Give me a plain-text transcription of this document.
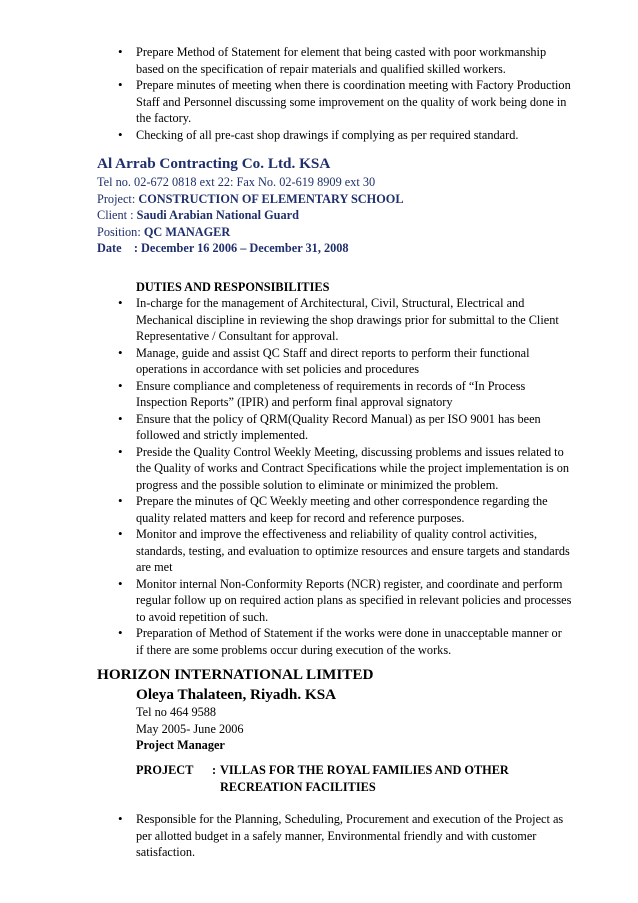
• Prepare Method of Statement for element that being casted with poor workmanship based on the specification of repair materials and qualified skilled workers.
• Prepare minutes of meeting when there is coordination meeting with Factory Production Staff and Personnel discussing some improvement on the quality of work being done in the factory.
• Checking of all pre-cast shop drawings if complying as per required standard.
Al Arrab Contracting Co. Ltd. KSA
Tel no. 02-672 0818 ext 22: Fax No. 02-619 8909 ext 30
Project: CONSTRUCTION OF ELEMENTARY SCHOOL
Client : Saudi Arabian National Guard
Position: QC MANAGER
Date    : December 16 2006 – December 31, 2008
DUTIES AND RESPONSIBILITIES
• In-charge for the management of Architectural, Civil, Structural, Electrical and Mechanical discipline in reviewing the shop drawings prior for submittal to the Client Representative / Consultant for approval.
• Manage, guide and assist QC Staff and direct reports to perform their functional operations in accordance with set policies and procedures
• Ensure compliance and completeness of requirements in records of “In Process Inspection Reports” (IPIR) and perform final approval signatory
• Ensure that the policy of QRM(Quality Record Manual) as per ISO 9001 has been followed and strictly implemented.
• Preside the Quality Control Weekly Meeting, discussing problems and issues related to the Quality of works and Contract Specifications while the project implementation is on progress and the possible solution to eliminate or minimized the problem.
• Prepare the minutes of QC Weekly meeting and other correspondence regarding the quality related matters and keep for record and reference purposes.
• Monitor and improve the effectiveness and reliability of quality control activities, standards, testing, and evaluation to optimize resources and ensure targets and standards are met
• Monitor internal Non-Conformity Reports (NCR) register, and coordinate and perform regular follow up on required action plans as specified in relevant policies and processes to avoid repetition of such.
• Preparation of Method of Statement if the works were done in unacceptable manner or if there are some problems occur during execution of the works.
HORIZON INTERNATIONAL LIMITED
Oleya Thalateen, Riyadh. KSA
Tel no 464 9588
May 2005- June 2006
Project Manager
PROJECT : VILLAS FOR THE ROYAL FAMILIES AND OTHER
RECREATION FACILITIES
• Responsible for the Planning, Scheduling, Procurement and execution of the Project as per allotted budget in a safely manner, Environmental friendly and with customer satisfaction.
